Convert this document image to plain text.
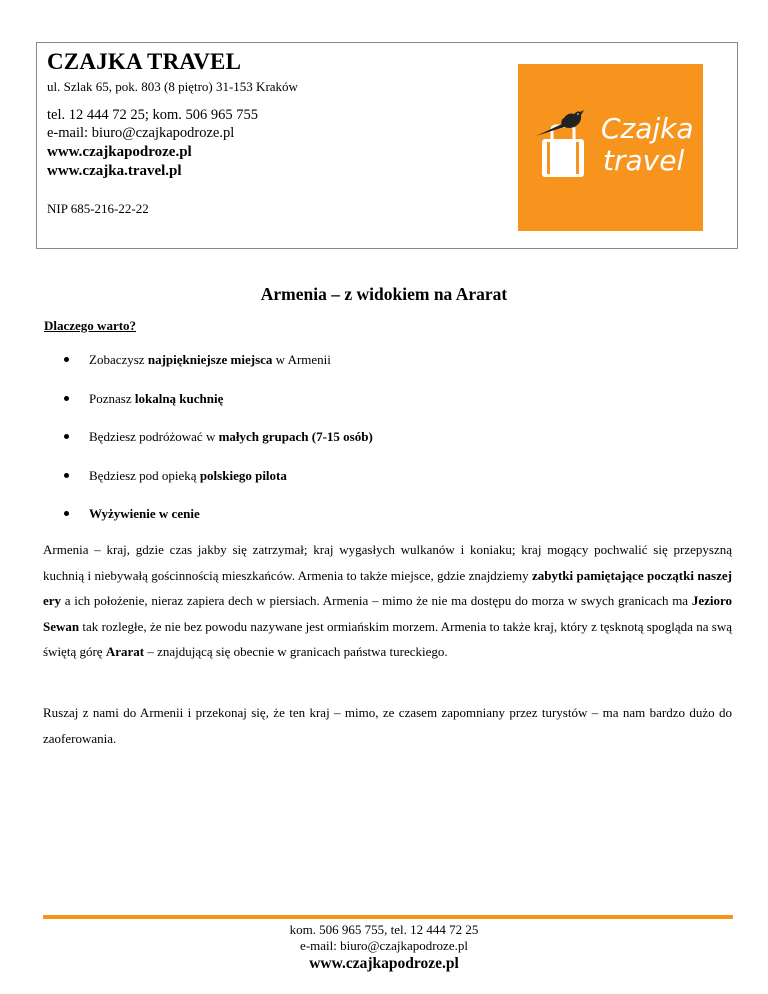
CZAJKA TRAVEL
ul. Szlak 65, pok. 803 (8 piętro) 31-153 Kraków
tel. 12 444 72 25; kom. 506 965 755
e-mail: biuro@czajkapodroze.pl
www.czajkapodroze.pl
www.czajka.travel.pl
NIP 685-216-22-22
Czajka
travel
Armenia – z widokiem na Ararat
Dlaczego warto?
Zobaczysz najpiękniejsze miejsca w Armenii
Poznasz lokalną kuchnię
Będziesz podróżować w małych grupach (7-15 osób)
Będziesz pod opieką polskiego pilota
Wyżywienie w cenie
Armenia – kraj, gdzie czas jakby się zatrzymał; kraj wygasłych wulkanów i koniaku; kraj mogący pochwalić się przepyszną kuchnią i niebywałą gościnnością mieszkańców. Armenia to także miejsce, gdzie znajdziemy zabytki pamiętające początki naszej ery a ich położenie, nieraz zapiera dech w piersiach. Armenia – mimo że nie ma dostępu do morza w swych granicach ma Jezioro Sewan tak rozległe, że nie bez powodu nazywane jest ormiańskim morzem. Armenia to także kraj, który z tęsknotą spogląda na swą świętą górę Ararat – znajdującą się obecnie w granicach państwa tureckiego.
Ruszaj z nami do Armenii i przekonaj się, że ten kraj – mimo, ze czasem zapomniany przez turystów – ma nam bardzo dużo do zaoferowania.
kom. 506 965 755, tel. 12 444 72 25
e-mail: biuro@czajkapodroze.pl
www.czajkapodroze.pl
